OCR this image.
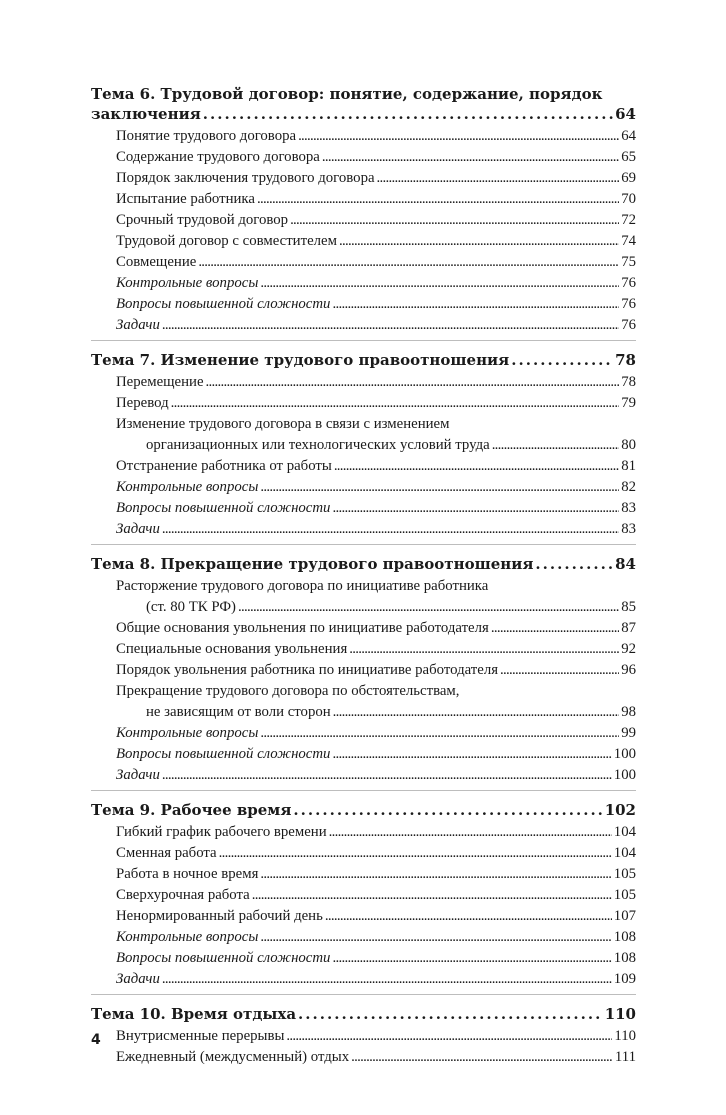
Тема 6. Трудовой договор: понятие, содержание, порядок
заключения . . .	64
Понятие трудового договора . . .	64
Содержание трудового договора . . .	65
Порядок заключения трудового договора . . .	69
Испытание работника . . .	70
Срочный трудовой договор . . .	72
Трудовой договор с совместителем . . .	74
Совмещение . . .	75
Контрольные вопросы . . .	76
Вопросы повышенной сложности . . .	76
Задачи . . .	76
Тема 7. Изменение трудового правоотношения . . .	78
Перемещение . . .	78
Перевод . . .	79
Изменение трудового договора в связи с изменением
организационных или технологических условий труда . . .	80
Отстранение работника от работы . . .	81
Контрольные вопросы . . .	82
Вопросы повышенной сложности . . .	83
Задачи . . .	83
Тема 8. Прекращение трудового правоотношения . . .	84
Расторжение трудового договора по инициативе работника
(ст. 80 ТК РФ) . . .	85
Общие основания увольнения по инициативе работодателя . . .	87
Специальные основания увольнения . . .	92
Порядок увольнения работника по инициативе работодателя . . .	96
Прекращение трудового договора по обстоятельствам,
не зависящим от воли сторон . . .	98
Контрольные вопросы . . .	99
Вопросы повышенной сложности . . .	100
Задачи . . .	100
Тема 9. Рабочее время . . .	102
Гибкий график рабочего времени . . .	104
Сменная работа . . .	104
Работа в ночное время . . .	105
Сверхурочная работа . . .	105
Ненормированный рабочий день . . .	107
Контрольные вопросы . . .	108
Вопросы повышенной сложности . . .	108
Задачи . . .	109
Тема 10. Время отдыха . . .	110
Внутрисменные перерывы . . .	110
Ежедневный (междусменный) отдых . . .	111
4
